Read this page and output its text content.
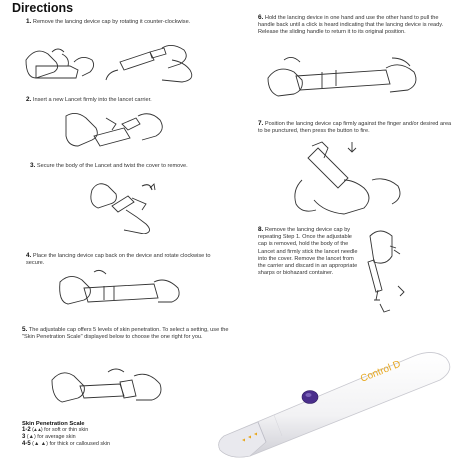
Directions
1. Remove the lancing device cap by rotating it counter-clockwise.
2. Insert a new Lancet firmly into the lancet carrier.
3. Secure the body of the Lancet and twist the cover to remove.
4. Place the lancing device cap back on the device and rotate clockwise to secure.
5. The adjustable cap offers 5 levels of skin penetration. To select a setting, use the "Skin Penetration Scale" displayed below to choose the one right for you.
Skin Penetration Scale
1-2 (▴ ▴) for soft or thin skin
3 (▲) for average skin
4-5 (▲ ▲) for thick or calloused skin
6. Hold the lancing device in one hand and use the other hand to pull the handle back until a click is heard indicating that the lancing device is ready. Release the sliding handle to return it to its original position.
7. Position the lancing device cap firmly against the finger and/or desired area to be punctured, then press the button to fire.
8. Remove the lancing device cap by repeating Step 1. Once the adjustable cap is removed, hold the body of the Lancet and firmly stick the lancet needle into the cover. Remove the lancet from the carrier and discard in an appropriate sharps or biohazard container.
Control D
